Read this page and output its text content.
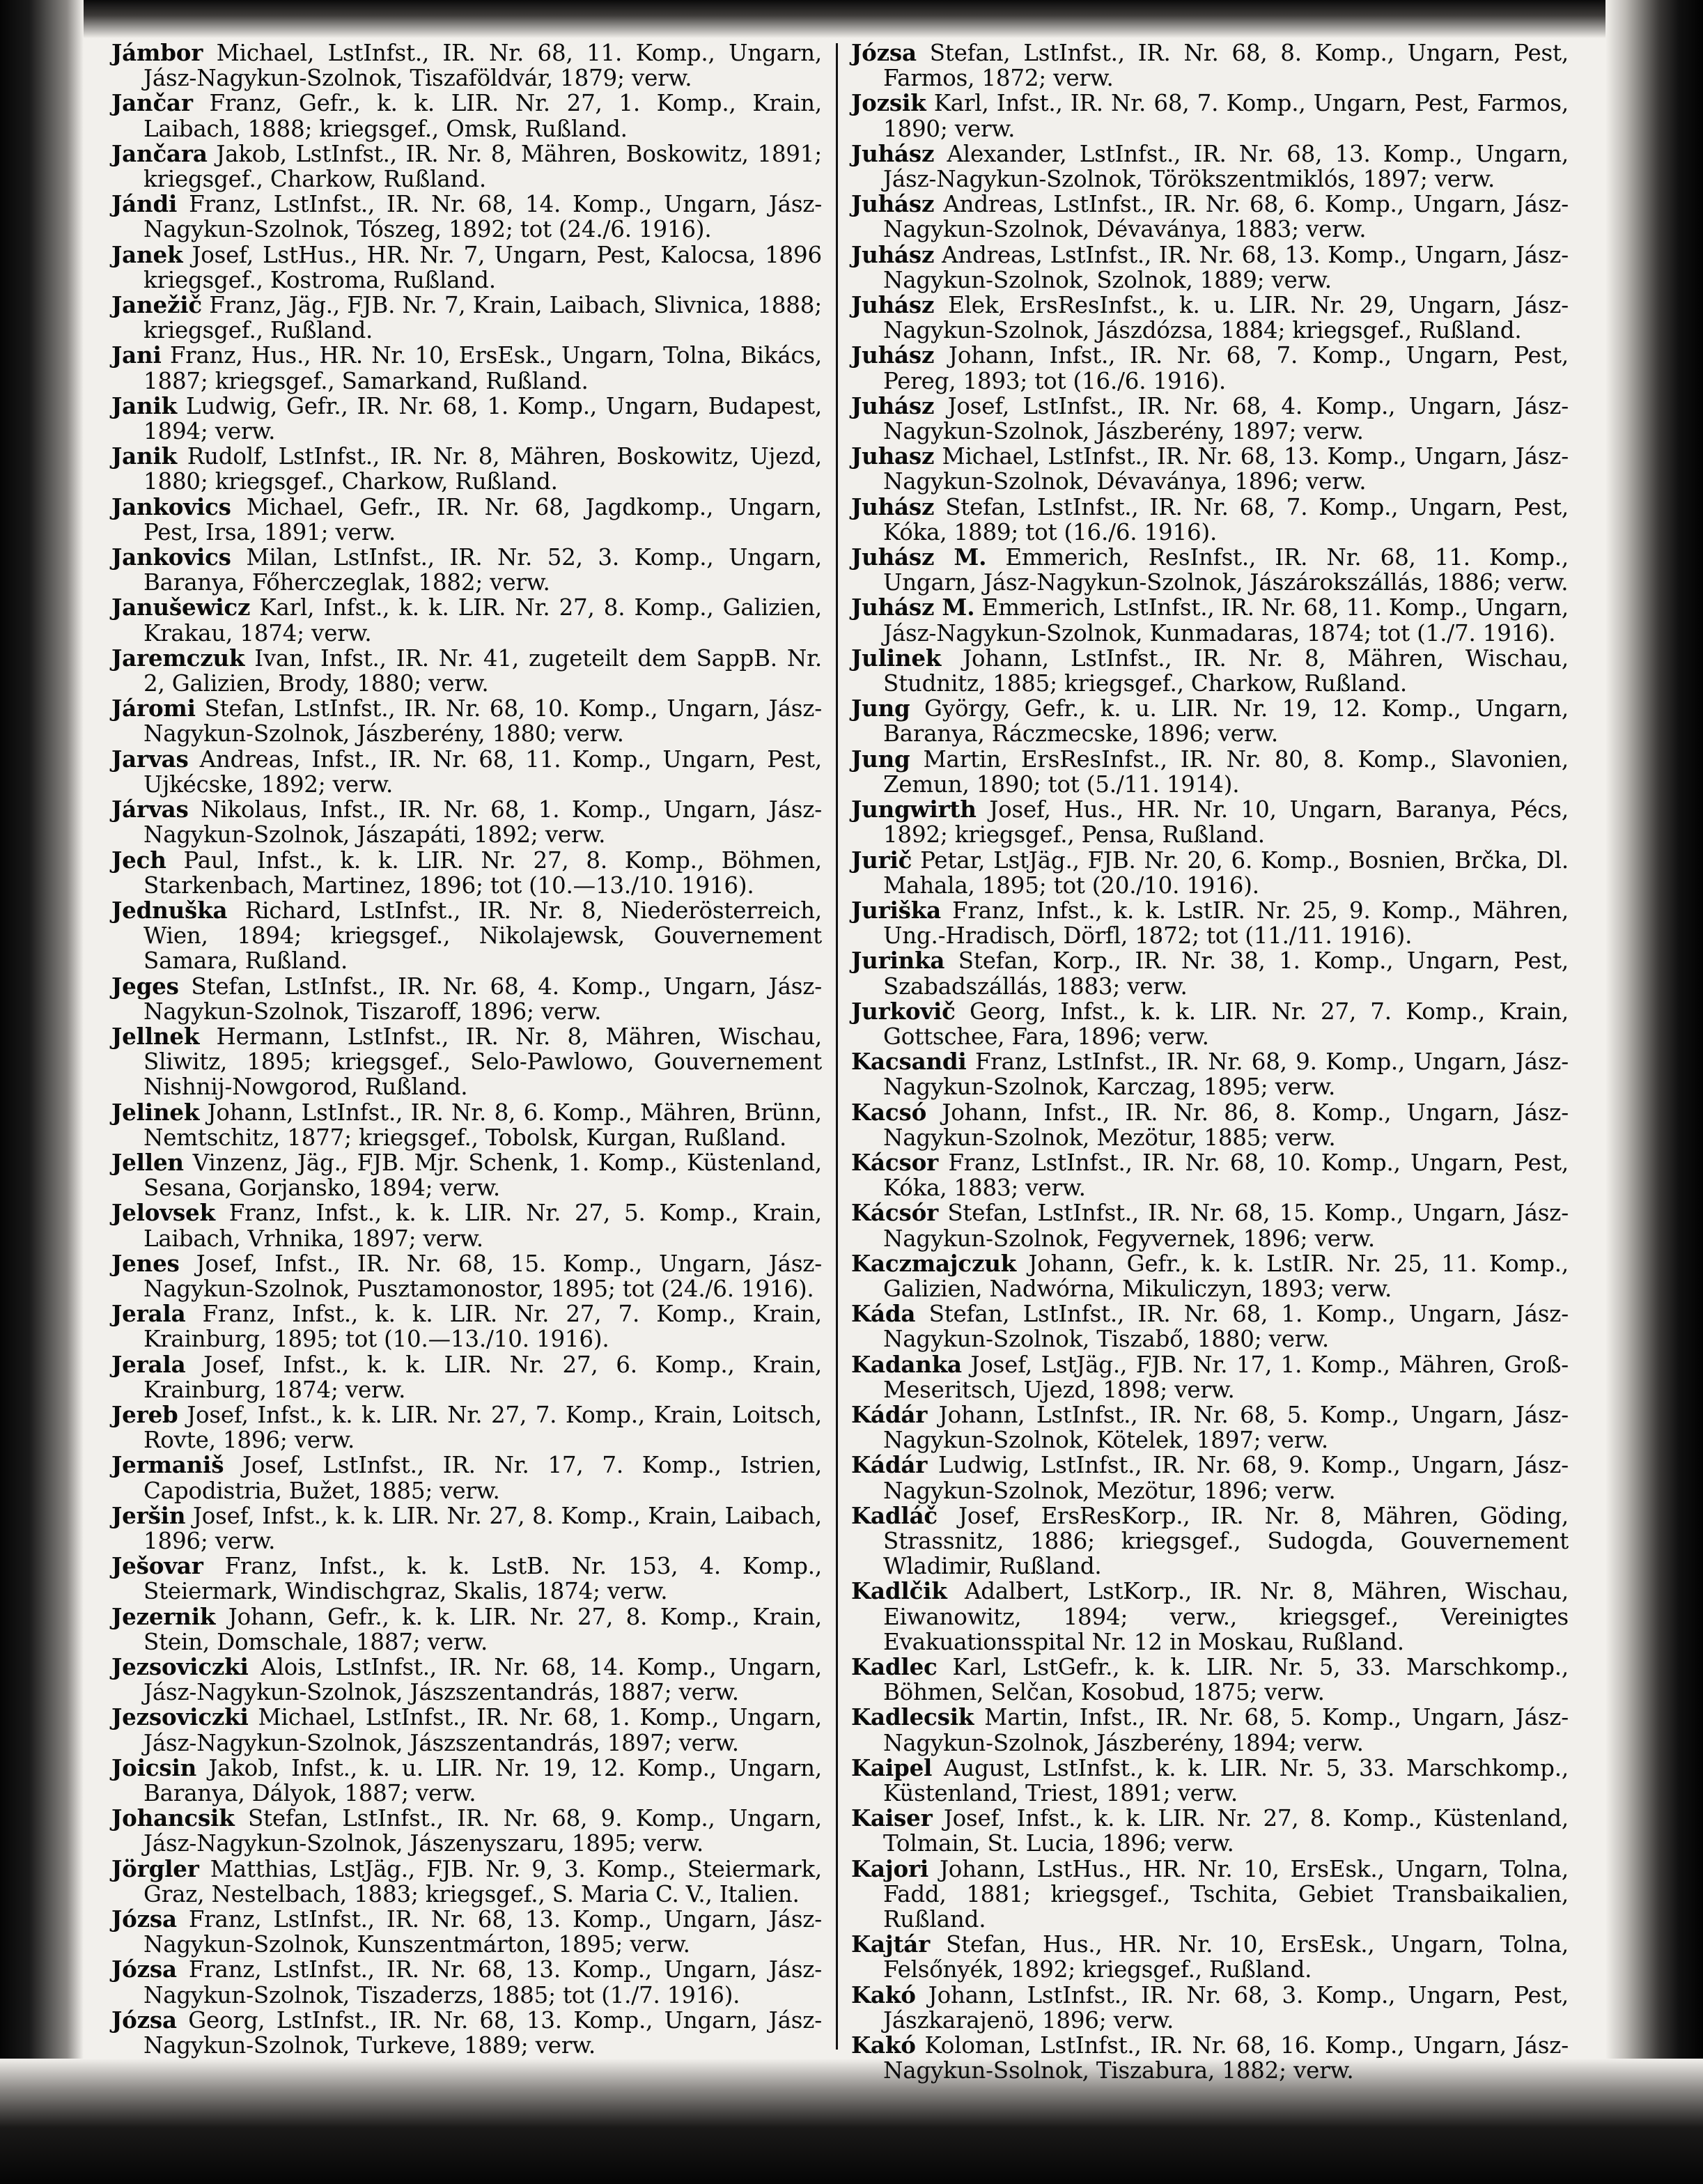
Jámbor Michael, LstInfst., IR. Nr. 68, 11. Komp., Ungarn, Jász-Nagykun-Szolnok, Tiszaföldvár, 1879; verw.

Jančar Franz, Gefr., k. k. LIR. Nr. 27, 1. Komp., Krain, Laibach, 1888; kriegsgef., Omsk, Rußland.

Jančara Jakob, LstInfst., IR. Nr. 8, Mähren, Boskowitz, 1891; kriegsgef., Charkow, Rußland.

Jándi Franz, LstInfst., IR. Nr. 68, 14. Komp., Ungarn, Jász-Nagykun-Szolnok, Tószeg, 1892; tot (24./6. 1916).

Janek Josef, LstHus., HR. Nr. 7, Ungarn, Pest, Kalocsa, 1896 kriegsgef., Kostroma, Rußland.

Janežič Franz, Jäg., FJB. Nr. 7, Krain, Laibach, Slivnica, 1888; kriegsgef., Rußland.

Jani Franz, Hus., HR. Nr. 10, ErsEsk., Ungarn, Tolna, Bikács, 1887; kriegsgef., Samarkand, Rußland.

Janik Ludwig, Gefr., IR. Nr. 68, 1. Komp., Ungarn, Budapest, 1894; verw.

Janik Rudolf, LstInfst., IR. Nr. 8, Mähren, Boskowitz, Ujezd, 1880; kriegsgef., Charkow, Rußland.

Jankovics Michael, Gefr., IR. Nr. 68, Jagdkomp., Ungarn, Pest, Irsa, 1891; verw.

Jankovics Milan, LstInfst., IR. Nr. 52, 3. Komp., Ungarn, Baranya, Főherczeglak, 1882; verw.

Janušewicz Karl, Infst., k. k. LIR. Nr. 27, 8. Komp., Galizien, Krakau, 1874; verw.

Jaremczuk Ivan, Infst., IR. Nr. 41, zugeteilt dem SappB. Nr. 2, Galizien, Brody, 1880; verw.

Járomi Stefan, LstInfst., IR. Nr. 68, 10. Komp., Ungarn, Jász-Nagykun-Szolnok, Jászberény, 1880; verw.

Jarvas Andreas, Infst., IR. Nr. 68, 11. Komp., Ungarn, Pest, Ujkécske, 1892; verw.

Járvas Nikolaus, Infst., IR. Nr. 68, 1. Komp., Ungarn, Jász-Nagykun-Szolnok, Jászapáti, 1892; verw.

Jech Paul, Infst., k. k. LIR. Nr. 27, 8. Komp., Böhmen, Starkenbach, Martinez, 1896; tot (10.—13./10. 1916).

Jednuška Richard, LstInfst., IR. Nr. 8, Niederösterreich, Wien, 1894; kriegsgef., Nikolajewsk, Gouvernement Samara, Rußland.

Jeges Stefan, LstInfst., IR. Nr. 68, 4. Komp., Ungarn, Jász-Nagykun-Szolnok, Tiszaroff, 1896; verw.

Jellnek Hermann, LstInfst., IR. Nr. 8, Mähren, Wischau, Sliwitz, 1895; kriegsgef., Selo-Pawlowo, Gouvernement Nishnij-Nowgorod, Rußland.

Jelinek Johann, LstInfst., IR. Nr. 8, 6. Komp., Mähren, Brünn, Nemtschitz, 1877; kriegsgef., Tobolsk, Kurgan, Rußland.

Jellen Vinzenz, Jäg., FJB. Mjr. Schenk, 1. Komp., Küstenland, Sesana, Gorjansko, 1894; verw.

Jelovsek Franz, Infst., k. k. LIR. Nr. 27, 5. Komp., Krain, Laibach, Vrhnika, 1897; verw.

Jenes Josef, Infst., IR. Nr. 68, 15. Komp., Ungarn, Jász-Nagykun-Szolnok, Pusztamonostor, 1895; tot (24./6. 1916).

Jerala Franz, Infst., k. k. LIR. Nr. 27, 7. Komp., Krain, Krainburg, 1895; tot (10.—13./10. 1916).

Jerala Josef, Infst., k. k. LIR. Nr. 27, 6. Komp., Krain, Krainburg, 1874; verw.

Jereb Josef, Infst., k. k. LIR. Nr. 27, 7. Komp., Krain, Loitsch, Rovte, 1896; verw.

Jermaniš Josef, LstInfst., IR. Nr. 17, 7. Komp., Istrien, Capodistria, Bužet, 1885; verw.

Jeršin Josef, Infst., k. k. LIR. Nr. 27, 8. Komp., Krain, Laibach, 1896; verw.

Ješovar Franz, Infst., k. k. LstB. Nr. 153, 4. Komp., Steiermark, Windischgraz, Skalis, 1874; verw.

Jezernik Johann, Gefr., k. k. LIR. Nr. 27, 8. Komp., Krain, Stein, Domschale, 1887; verw.

Jezsoviczki Alois, LstInfst., IR. Nr. 68, 14. Komp., Ungarn, Jász-Nagykun-Szolnok, Jászszentandrás, 1887; verw.

Jezsoviczki Michael, LstInfst., IR. Nr. 68, 1. Komp., Ungarn, Jász-Nagykun-Szolnok, Jászszentandrás, 1897; verw.

Joicsin Jakob, Infst., k. u. LIR. Nr. 19, 12. Komp., Ungarn, Baranya, Dályok, 1887; verw.

Johancsik Stefan, LstInfst., IR. Nr. 68, 9. Komp., Ungarn, Jász-Nagykun-Szolnok, Jászenyszaru, 1895; verw.

Jörgler Matthias, LstJäg., FJB. Nr. 9, 3. Komp., Steiermark, Graz, Nestelbach, 1883; kriegsgef., S. Maria C. V., Italien.

Józsa Franz, LstInfst., IR. Nr. 68, 13. Komp., Ungarn, Jász-Nagykun-Szolnok, Kunszentmárton, 1895; verw.

Józsa Franz, LstInfst., IR. Nr. 68, 13. Komp., Ungarn, Jász-Nagykun-Szolnok, Tiszaderzs, 1885; tot (1./7. 1916).

Józsa Georg, LstInfst., IR. Nr. 68, 13. Komp., Ungarn, Jász-Nagykun-Szolnok, Turkeve, 1889; verw.

Józsa Stefan, LstInfst., IR. Nr. 68, 8. Komp., Ungarn, Pest, Farmos, 1872; verw.

Jozsik Karl, Infst., IR. Nr. 68, 7. Komp., Ungarn, Pest, Farmos, 1890; verw.

Juhász Alexander, LstInfst., IR. Nr. 68, 13. Komp., Ungarn, Jász-Nagykun-Szolnok, Törökszentmiklós, 1897; verw.

Juhász Andreas, LstInfst., IR. Nr. 68, 6. Komp., Ungarn, Jász-Nagykun-Szolnok, Dévaványa, 1883; verw.

Juhász Andreas, LstInfst., IR. Nr. 68, 13. Komp., Ungarn, Jász-Nagykun-Szolnok, Szolnok, 1889; verw.

Juhász Elek, ErsResInfst., k. u. LIR. Nr. 29, Ungarn, Jász-Nagykun-Szolnok, Jászdózsa, 1884; kriegsgef., Rußland.

Juhász Johann, Infst., IR. Nr. 68, 7. Komp., Ungarn, Pest, Pereg, 1893; tot (16./6. 1916).

Juhász Josef, LstInfst., IR. Nr. 68, 4. Komp., Ungarn, Jász-Nagykun-Szolnok, Jászberény, 1897; verw.

Juhasz Michael, LstInfst., IR. Nr. 68, 13. Komp., Ungarn, Jász-Nagykun-Szolnok, Dévaványa, 1896; verw.

Juhász Stefan, LstInfst., IR. Nr. 68, 7. Komp., Ungarn, Pest, Kóka, 1889; tot (16./6. 1916).

Juhász M. Emmerich, ResInfst., IR. Nr. 68, 11. Komp., Ungarn, Jász-Nagykun-Szolnok, Jászárokszállás, 1886; verw.

Juhász M. Emmerich, LstInfst., IR. Nr. 68, 11. Komp., Ungarn, Jász-Nagykun-Szolnok, Kunmadaras, 1874; tot (1./7. 1916).

Julinek Johann, LstInfst., IR. Nr. 8, Mähren, Wischau, Studnitz, 1885; kriegsgef., Charkow, Rußland.

Jung György, Gefr., k. u. LIR. Nr. 19, 12. Komp., Ungarn, Baranya, Ráczmecske, 1896; verw.

Jung Martin, ErsResInfst., IR. Nr. 80, 8. Komp., Slavonien, Zemun, 1890; tot (5./11. 1914).

Jungwirth Josef, Hus., HR. Nr. 10, Ungarn, Baranya, Pécs, 1892; kriegsgef., Pensa, Rußland.

Jurič Petar, LstJäg., FJB. Nr. 20, 6. Komp., Bosnien, Brčka, Dl. Mahala, 1895; tot (20./10. 1916).

Juriška Franz, Infst., k. k. LstIR. Nr. 25, 9. Komp., Mähren, Ung.-Hradisch, Dörfl, 1872; tot (11./11. 1916).

Jurinka Stefan, Korp., IR. Nr. 38, 1. Komp., Ungarn, Pest, Szabadszállás, 1883; verw.

Jurkovič Georg, Infst., k. k. LIR. Nr. 27, 7. Komp., Krain, Gottschee, Fara, 1896; verw.

Kacsandi Franz, LstInfst., IR. Nr. 68, 9. Komp., Ungarn, Jász-Nagykun-Szolnok, Karczag, 1895; verw.

Kacsó Johann, Infst., IR. Nr. 86, 8. Komp., Ungarn, Jász-Nagykun-Szolnok, Mezötur, 1885; verw.

Kácsor Franz, LstInfst., IR. Nr. 68, 10. Komp., Ungarn, Pest, Kóka, 1883; verw.

Kácsór Stefan, LstInfst., IR. Nr. 68, 15. Komp., Ungarn, Jász-Nagykun-Szolnok, Fegyvernek, 1896; verw.

Kaczmajczuk Johann, Gefr., k. k. LstIR. Nr. 25, 11. Komp., Galizien, Nadwórna, Mikuliczyn, 1893; verw.

Káda Stefan, LstInfst., IR. Nr. 68, 1. Komp., Ungarn, Jász-Nagykun-Szolnok, Tiszabő, 1880; verw.

Kadanka Josef, LstJäg., FJB. Nr. 17, 1. Komp., Mähren, Groß-Meseritsch, Ujezd, 1898; verw.

Kádár Johann, LstInfst., IR. Nr. 68, 5. Komp., Ungarn, Jász-Nagykun-Szolnok, Kötelek, 1897; verw.

Kádár Ludwig, LstInfst., IR. Nr. 68, 9. Komp., Ungarn, Jász-Nagykun-Szolnok, Mezötur, 1896; verw.

Kadláč Josef, ErsResKorp., IR. Nr. 8, Mähren, Göding, Strassnitz, 1886; kriegsgef., Sudogda, Gouvernement Wladimir, Rußland.

Kadlčik Adalbert, LstKorp., IR. Nr. 8, Mähren, Wischau, Eiwanowitz, 1894; verw., kriegsgef., Vereinigtes Evakuationsspital Nr. 12 in Moskau, Rußland.

Kadlec Karl, LstGefr., k. k. LIR. Nr. 5, 33. Marschkomp., Böhmen, Selčan, Kosobud, 1875; verw.

Kadlecsik Martin, Infst., IR. Nr. 68, 5. Komp., Ungarn, Jász-Nagykun-Szolnok, Jászberény, 1894; verw.

Kaipel August, LstInfst., k. k. LIR. Nr. 5, 33. Marschkomp., Küstenland, Triest, 1891; verw.

Kaiser Josef, Infst., k. k. LIR. Nr. 27, 8. Komp., Küstenland, Tolmain, St. Lucia, 1896; verw.

Kajori Johann, LstHus., HR. Nr. 10, ErsEsk., Ungarn, Tolna, Fadd, 1881; kriegsgef., Tschita, Gebiet Transbaikalien, Rußland.

Kajtár Stefan, Hus., HR. Nr. 10, ErsEsk., Ungarn, Tolna, Felsőnyék, 1892; kriegsgef., Rußland.

Kakó Johann, LstInfst., IR. Nr. 68, 3. Komp., Ungarn, Pest, Jászkarajenö, 1896; verw.

Kakó Koloman, LstInfst., IR. Nr. 68, 16. Komp., Ungarn, Jász-Nagykun-Ssolnok, Tiszabura, 1882; verw.
